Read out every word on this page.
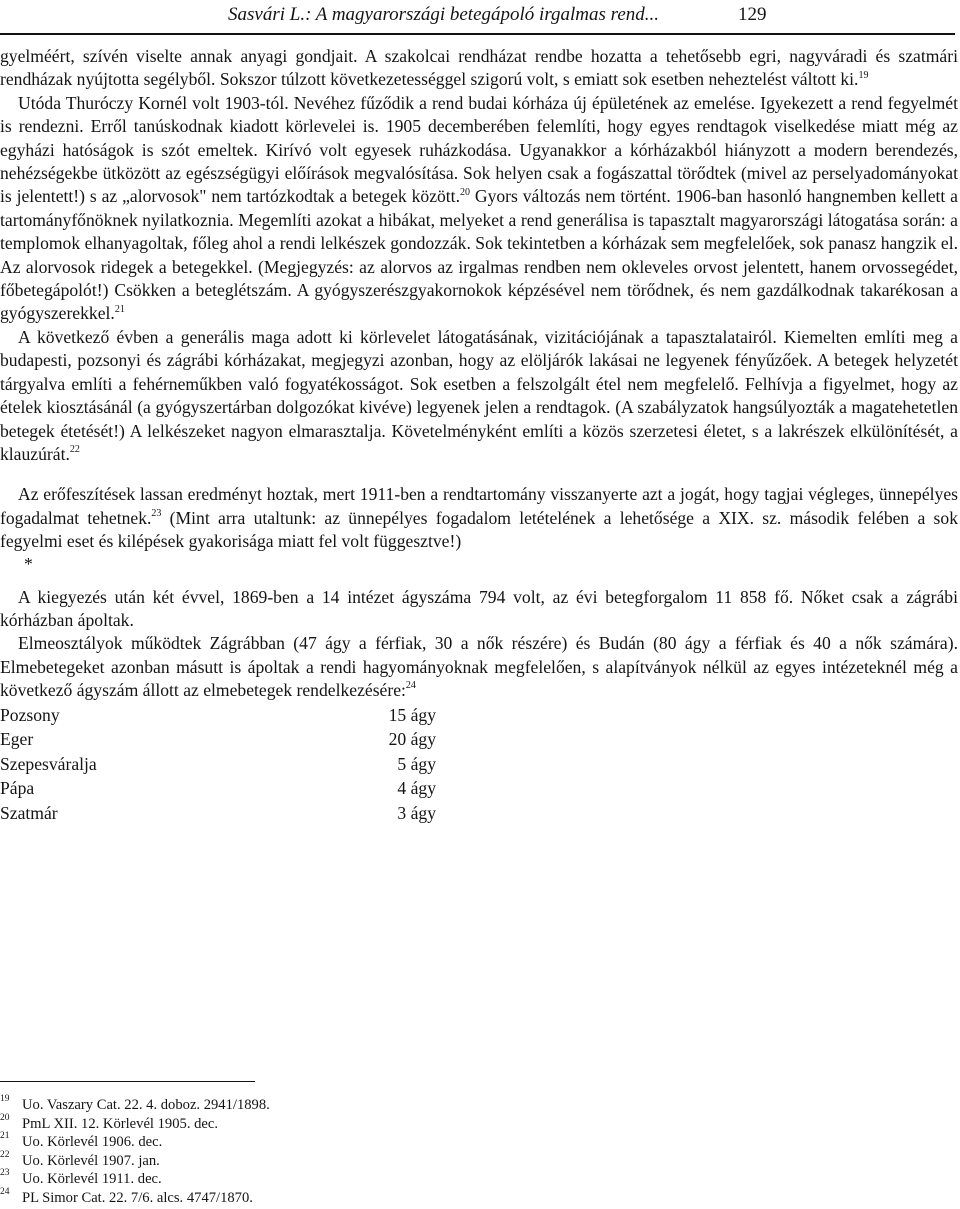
Sasvári L.: A magyarországi betegápoló irgalmas rend...	129

gyelméért, szívén viselte annak anyagi gondjait. A szakolcai rendházat rendbe hozatta a tehetősebb egri, nagyváradi és szatmári rendházak nyújtotta segélyből. Sokszor túlzott következetességgel szigorú volt, s emiatt sok esetben neheztelést váltott ki.$^{19}$

Utóda Thuróczy Kornél volt 1903-tól. Nevéhez fűződik a rend budai kórháza új épületének az emelése. Igyekezett a rend fegyelmét is rendezni. Erről tanúskodnak kiadott körlevelei is. 1905 decemberében felemlíti, hogy egyes rendtagok viselkedése miatt még az egyházi hatóságok is szót emeltek. Kirívó volt egyesek ruházkodása. Ugyanakkor a kórházakból hiányzott a modern berendezés, nehézségekbe ütközött az egészségügyi előírások megvalósítása. Sok helyen csak a fogászattal törődtek (mivel az perselyadományokat is jelentett!) s az „alorvosok" nem tartózkodtak a betegek között.$^{20}$ Gyors változás nem történt. 1906-ban hasonló hangnemben kellett a tartományfőnöknek nyilatkoznia. Megemlíti azokat a hibákat, melyeket a rend generálisa is tapasztalt magyarországi látogatása során: a templomok elhanyagoltak, főleg ahol a rendi lelkészek gondozzák. Sok tekintetben a kórházak sem megfelelőek, sok panasz hangzik el. Az alorvosok ridegek a betegekkel. (Megjegyzés: az alorvos az irgalmas rendben nem okleveles orvost jelentett, hanem orvossegédet, főbetegápolót!) Csökken a beteglétszám. A gyógyszerészgyakornokok képzésével nem törődnek, és nem gazdálkodnak takarékosan a gyógyszerekkel.$^{21}$

A következő évben a generális maga adott ki körlevelet látogatásának, vizitációjának a tapasztalatairól. Kiemelten említi meg a budapesti, pozsonyi és zágrábi kórházakat, megjegyzi azonban, hogy az elöljárók lakásai ne legyenek fényűzőek. A betegek helyzetét tárgyalva említi a fehérneműkben való fogyatékosságot. Sok esetben a felszolgált étel nem megfelelő. Felhívja a figyelmet, hogy az ételek kiosztásánál (a gyógyszertárban dolgozókat kivéve) legyenek jelen a rendtagok. (A szabályzatok hangsúlyozták a magatehetetlen betegek étetését!) A lelkészeket nagyon elmarasztalja. Követelményként említi a közös szerzetesi életet, s a lakrészek elkülönítését, a klauzúrát.$^{22}$

Az erőfeszítések lassan eredményt hoztak, mert 1911-ben a rendtartomány visszanyerte azt a jogát, hogy tagjai végleges, ünnepélyes fogadalmat tehetnek.$^{23}$ (Mint arra utaltunk: az ünnepélyes fogadalom letételének a lehetősége a XIX. sz. második felében a sok fegyelmi eset és kilépések gyakorisága miatt fel volt függesztve!)

*

A kiegyezés után két évvel, 1869-ben a 14 intézet ágyszáma 794 volt, az évi betegforgalom 11 858 fő. Nőket csak a zágrábi kórházban ápoltak.

Elmeosztályok működtek Zágrábban (47 ágy a férfiak, 30 a nők részére) és Budán (80 ágy a férfiak és 40 a nők számára). Elmebetegeket azonban másutt is ápoltak a rendi hagyományoknak megfelelően, s alapítványok nélkül az egyes intézeteknél még a következő ágyszám állott az elmebetegek rendelkezésére:$^{24}$

Pozsony	15 ágy
Eger	20 ágy
Szepesváralja	5 ágy
Pápa	4 ágy
Szatmár	3 ágy
19 Uo. Vaszary Cat. 22. 4. doboz. 2941/1898.
20 PmL XII. 12. Körlevél 1905. dec.
21 Uo. Körlevél 1906. dec.
22 Uo. Körlevél 1907. jan.
23 Uo. Körlevél 1911. dec.
24 PL Simor Cat. 22. 7/6. alcs. 4747/1870.
